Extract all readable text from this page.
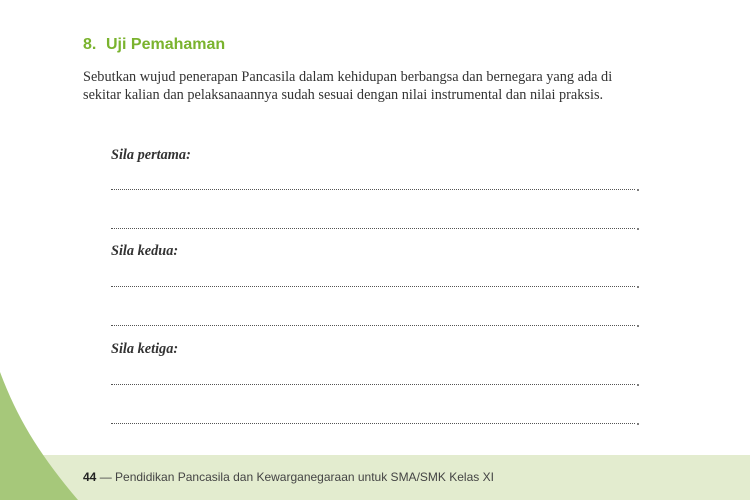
8. Uji Pemahaman
Sebutkan wujud penerapan Pancasila dalam kehidupan berbangsa dan bernegara yang ada di sekitar kalian dan pelaksanaannya sudah sesuai dengan nilai instrumental dan nilai praksis.
Sila pertama:
Sila kedua:
Sila ketiga:
44 — Pendidikan Pancasila dan Kewarganegaraan untuk SMA/SMK Kelas XI
